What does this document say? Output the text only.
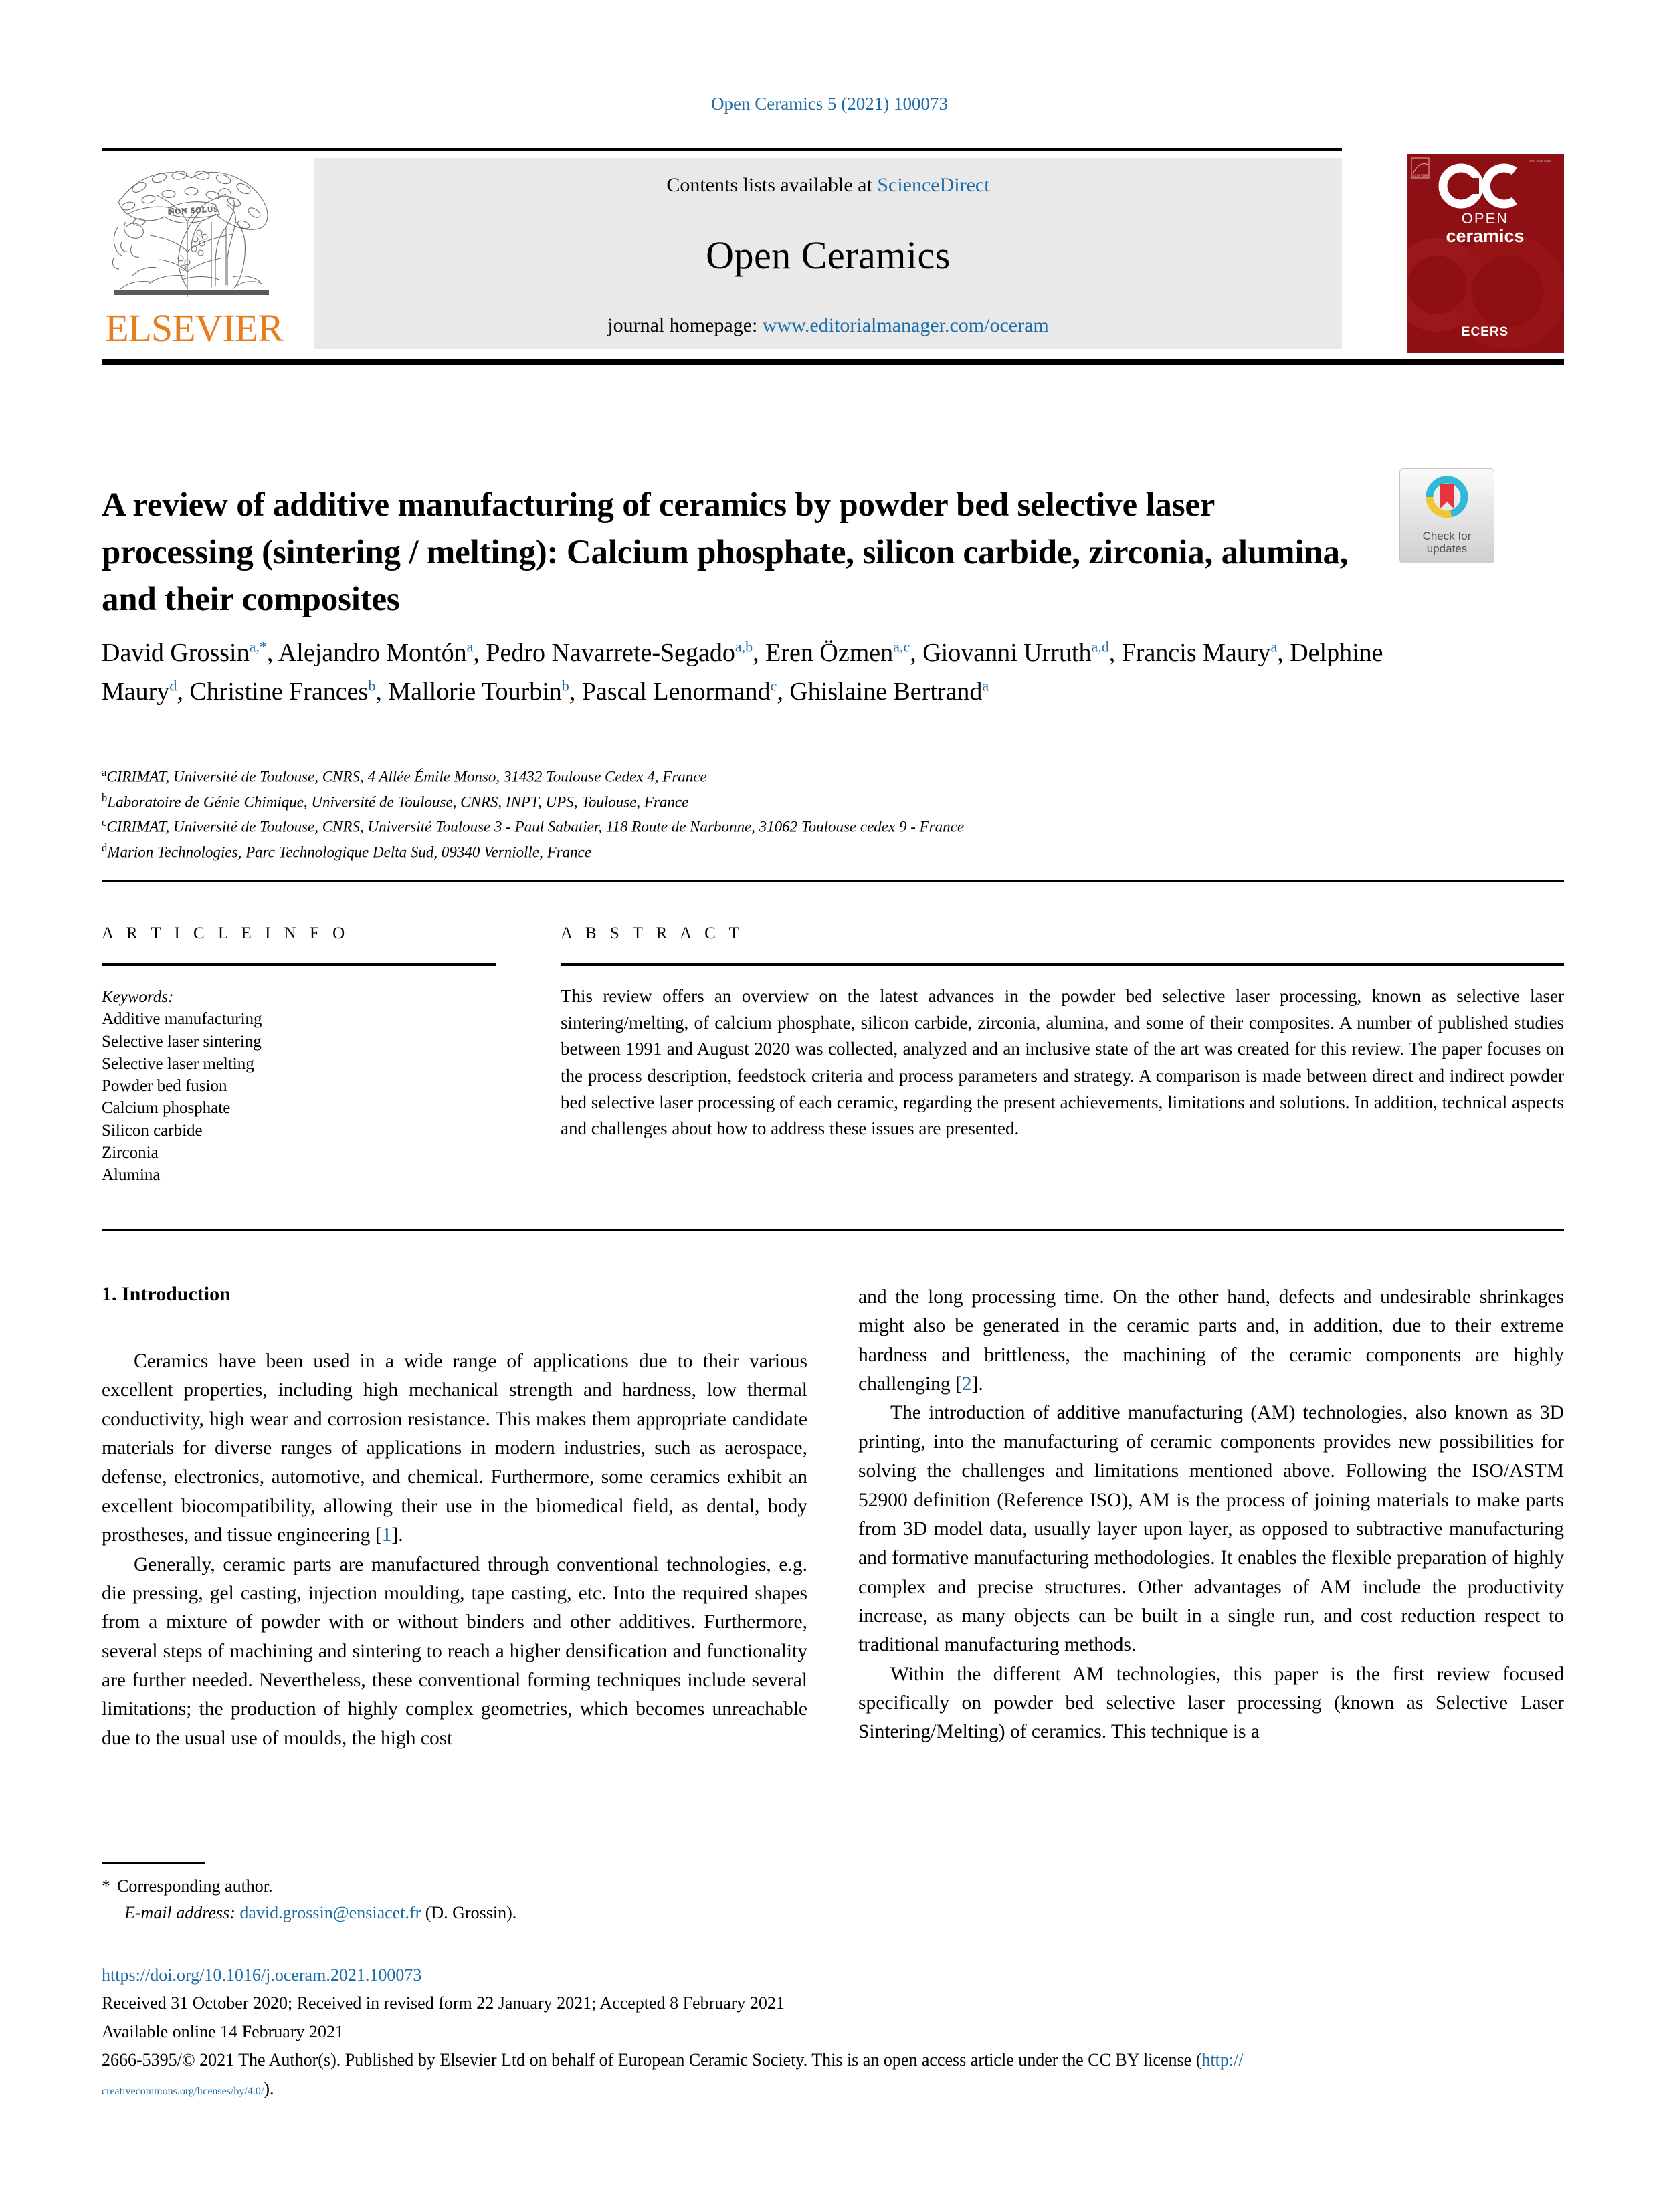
Open Ceramics 5 (2021) 100073
NON SOLUS
ELSEVIER
Contents lists available at ScienceDirect
Open Ceramics
journal homepage: www.editorialmanager.com/oceram
OPEN
ceramics
ELSEVIER
ISSN 2666-5395
ECERS
A review of additive manufacturing of ceramics by powder bed selective laser processing (sintering / melting): Calcium phosphate, silicon carbide, zirconia, alumina, and their composites
Check for
updates
David Grossin$^{a,*}$, Alejandro Montón$^a$, Pedro Navarrete-Segado$^{a,b}$, Eren Özmen$^{a,c}$, Giovanni Urruth$^{a,d}$, Francis Maury$^a$, Delphine Maury$^d$, Christine Frances$^b$, Mallorie Tourbin$^b$, Pascal Lenormand$^c$, Ghislaine Bertrand$^a$
$^a$CIRIMAT, Université de Toulouse, CNRS, 4 Allée Émile Monso, 31432 Toulouse Cedex 4, France
$^b$Laboratoire de Génie Chimique, Université de Toulouse, CNRS, INPT, UPS, Toulouse, France
$^c$CIRIMAT, Université de Toulouse, CNRS, Université Toulouse 3 - Paul Sabatier, 118 Route de Narbonne, 31062 Toulouse cedex 9 - France
$^d$Marion Technologies, Parc Technologique Delta Sud, 09340 Verniolle, France
A R T I C L E I N F O	A B S T R A C T
Keywords:
Additive manufacturing
Selective laser sintering
Selective laser melting
Powder bed fusion
Calcium phosphate
Silicon carbide
Zirconia
Alumina
This review offers an overview on the latest advances in the powder bed selective laser processing, known as selective laser sintering/melting, of calcium phosphate, silicon carbide, zirconia, alumina, and some of their composites. A number of published studies between 1991 and August 2020 was collected, analyzed and an inclusive state of the art was created for this review. The paper focuses on the process description, feedstock criteria and process parameters and strategy. A comparison is made between direct and indirect powder bed selective laser processing of each ceramic, regarding the present achievements, limitations and solutions. In addition, technical aspects and challenges about how to address these issues are presented.
1. Introduction

Ceramics have been used in a wide range of applications due to their various excellent properties, including high mechanical strength and hardness, low thermal conductivity, high wear and corrosion resistance. This makes them appropriate candidate materials for diverse ranges of applications in modern industries, such as aerospace, defense, electronics, automotive, and chemical. Furthermore, some ceramics exhibit an excellent biocompatibility, allowing their use in the biomedical field, as dental, body prostheses, and tissue engineering [1].

Generally, ceramic parts are manufactured through conventional technologies, e.g. die pressing, gel casting, injection moulding, tape casting, etc. Into the required shapes from a mixture of powder with or without binders and other additives. Furthermore, several steps of machining and sintering to reach a higher densification and functionality are further needed. Nevertheless, these conventional forming techniques include several limitations; the production of highly complex geometries, which becomes unreachable due to the usual use of moulds, the high cost

and the long processing time. On the other hand, defects and undesirable shrinkages might also be generated in the ceramic parts and, in addition, due to their extreme hardness and brittleness, the machining of the ceramic components are highly challenging [2].

The introduction of additive manufacturing (AM) technologies, also known as 3D printing, into the manufacturing of ceramic components provides new possibilities for solving the challenges and limitations mentioned above. Following the ISO/ASTM 52900 definition (Reference ISO), AM is the process of joining materials to make parts from 3D model data, usually layer upon layer, as opposed to subtractive manufacturing and formative manufacturing methodologies. It enables the flexible preparation of highly complex and precise structures. Other advantages of AM include the productivity increase, as many objects can be built in a single run, and cost reduction respect to traditional manufacturing methods.

Within the different AM technologies, this paper is the first review focused specifically on powder bed selective laser processing (known as Selective Laser Sintering/Melting) of ceramics. This technique is a

* Corresponding author.
E-mail address: david.grossin@ensiacet.fr (D. Grossin).
https://doi.org/10.1016/j.oceram.2021.100073
Received 31 October 2020; Received in revised form 22 January 2021; Accepted 8 February 2021
Available online 14 February 2021
2666-5395/© 2021 The Author(s). Published by Elsevier Ltd on behalf of European Ceramic Society. This is an open access article under the CC BY license (http://
creativecommons.org/licenses/by/4.0/).
